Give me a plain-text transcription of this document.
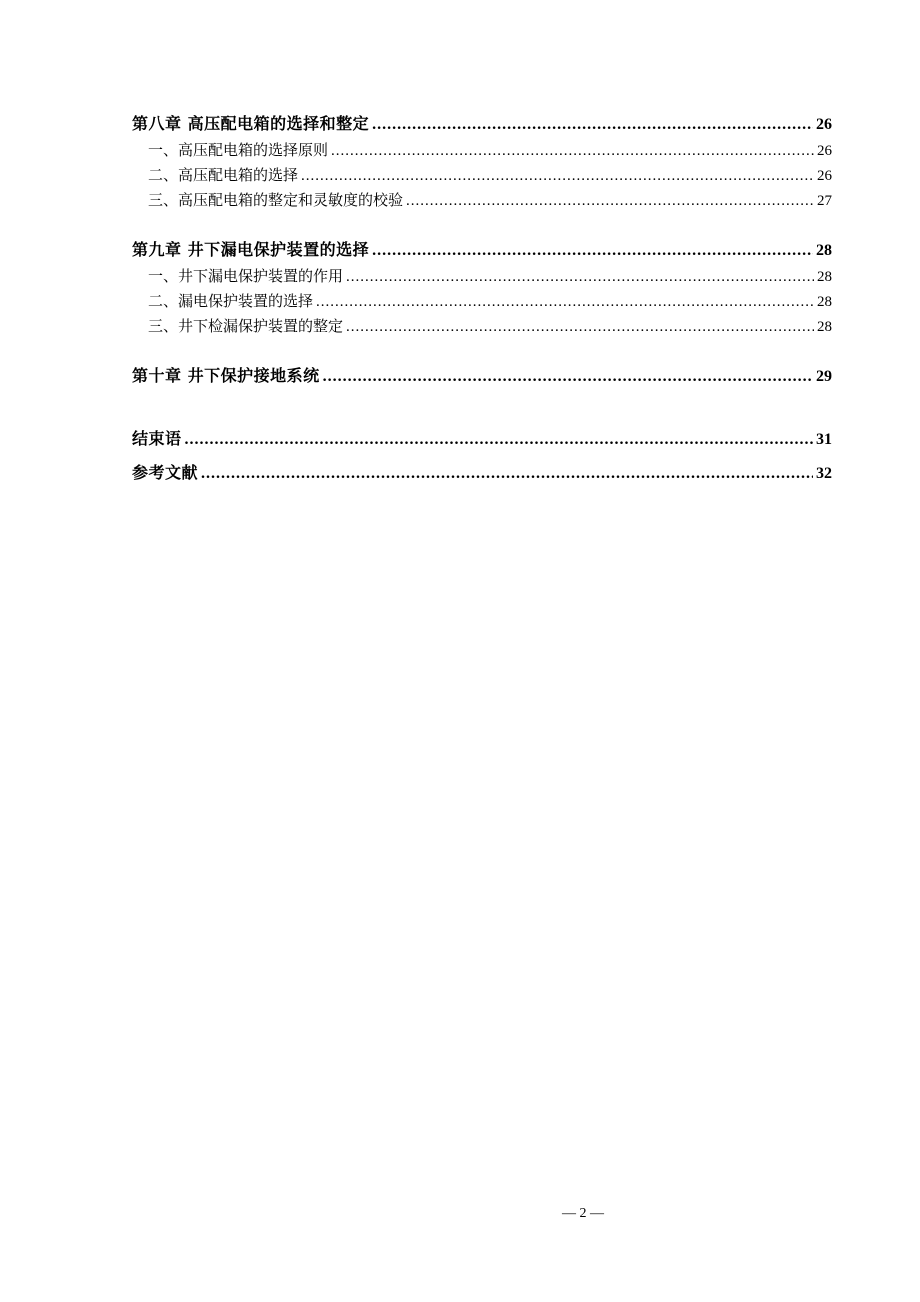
第八章 高压配电箱的选择和整定 .....	26
一、高压配电箱的选择原则 .....	26
二、高压配电箱的选择 .....	26
三、高压配电箱的整定和灵敏度的校验 .....	27
第九章 井下漏电保护装置的选择 .....	28
一、井下漏电保护装置的作用 .....	28
二、漏电保护装置的选择 .....	28
三、井下检漏保护装置的整定 .....	28
第十章 井下保护接地系统 .....	29
结束语 .....	31
参考文献 .....	32
— 2 —
